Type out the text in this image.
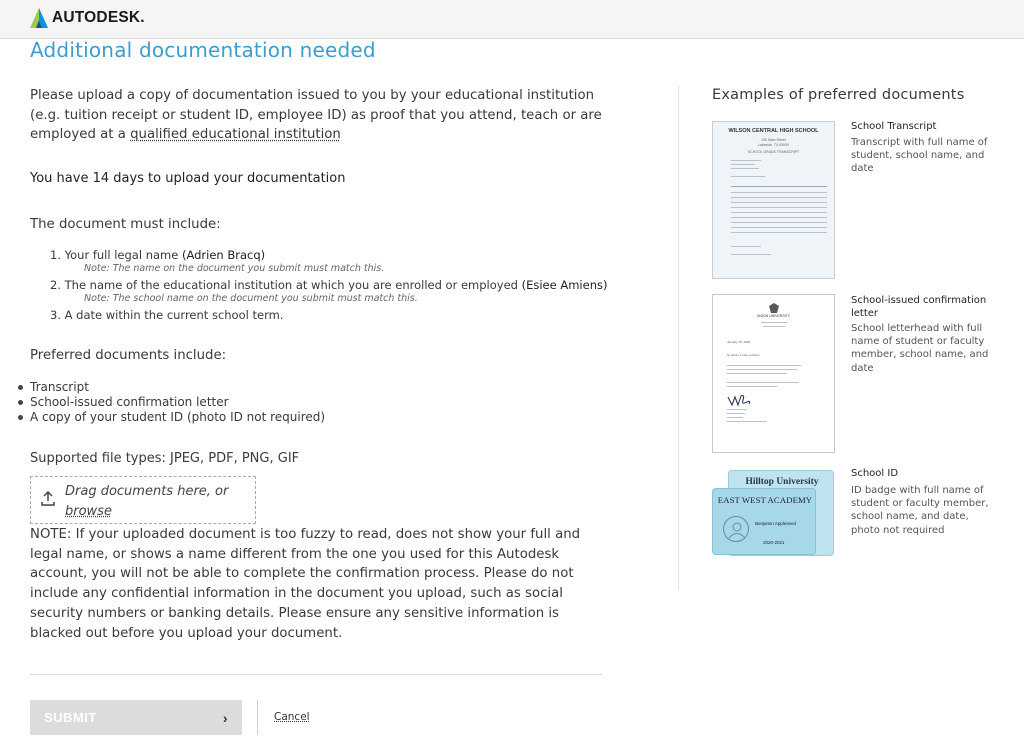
AUTODESK.
Additional documentation needed

Please upload a copy of documentation issued to you by your educational institution (e.g. tuition receipt or student ID, employee ID) as proof that you attend, teach or are employed at a qualified educational institution

You have 14 days to upload your documentation
The document must include:
1. Your full legal name (Adrien Bracq)
Note: The name on the document you submit must match this.
2. The name of the educational institution at which you are enrolled or employed (Esiee Amiens)
Note: The school name on the document you submit must match this.
3. A date within the current school term.
Preferred documents include:
Transcript
School-issued confirmation letter
A copy of your student ID (photo ID not required)
Supported file types: JPEG, PDF, PNG, GIF
Drag documents here, or
browse

NOTE: If your uploaded document is too fuzzy to read, does not show your full and legal name, or shows a name different from the one you used for this Autodesk account, you will not be able to complete the confirmation process. Please do not include any confidential information in the document you upload, such as social security numbers or banking details. Please ensure any sensitive information is blacked out before you upload your document.

SUBMIT	›	Cancel
Examples of preferred documents
WILSON CENTRAL HIGH SCHOOL
100 Main Street
Lakeside, TX 00000
SCHOOL GRADE TRANSCRIPT
School Transcript
Transcript with full name of student, school name, and date
UNION UNIVERSITY
January 15, 2020
To whom it may concern:
School-issued confirmation letter
School letterhead with full name of student or faculty member, school name, and date
Hilltop University
EAST WEST ACADEMY
Benjamin Appleseed
2020-2021
School ID
ID badge with full name of student or faculty member, school name, and date, photo not required
